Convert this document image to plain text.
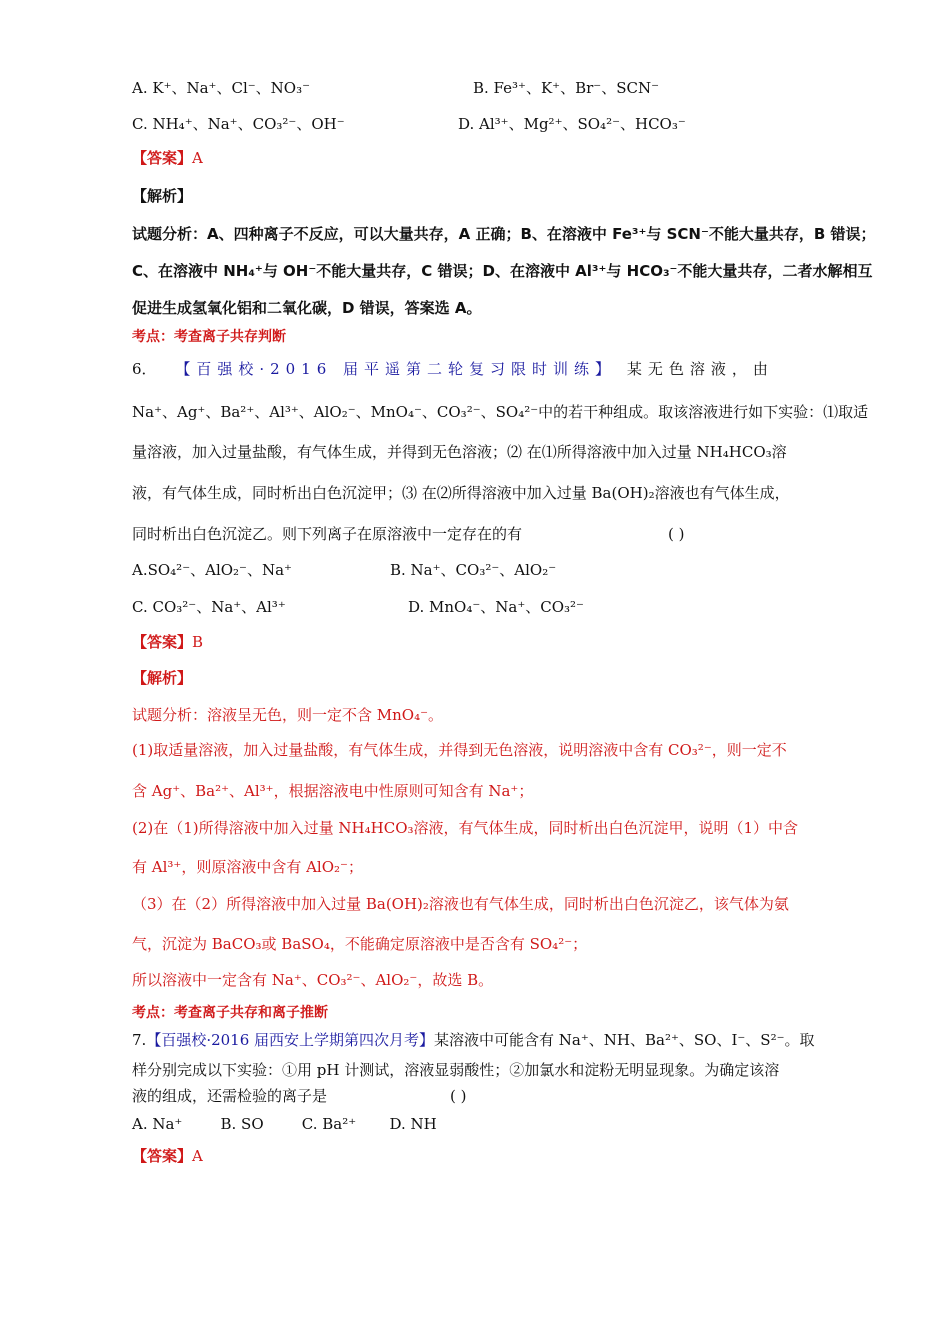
A. K⁺、Na⁺、Cl⁻、NO₃⁻	B. Fe³⁺、K⁺、Br⁻、SCN⁻
C. NH₄⁺、Na⁺、CO₃²⁻、OH⁻	D. Al³⁺、Mg²⁺、SO₄²⁻、HCO₃⁻
【答案】A
【解析】
试题分析：A、四种离子不反应，可以大量共存，A 正确；B、在溶液中 Fe³⁺与 SCN⁻不能大量共存，B 错误；
C、在溶液中 NH₄⁺与 OH⁻不能大量共存，C 错误；D、在溶液中 Al³⁺与 HCO₃⁻不能大量共存，二者水解相互
促进生成氢氧化铝和二氧化碳，D 错误，答案选 A。
考点：考查离子共存判断
6． 【百强校·2016 届平遥第二轮复习限时训练】 某无色溶液，由
Na⁺、Ag⁺、Ba²⁺、Al³⁺、AlO₂⁻、MnO₄⁻、CO₃²⁻、SO₄²⁻中的若干种组成。取该溶液进行如下实验：⑴取适
量溶液，加入过量盐酸，有气体生成，并得到无色溶液；⑵ 在⑴所得溶液中加入过量 NH₄HCO₃溶
液，有气体生成，同时析出白色沉淀甲；⑶ 在⑵所得溶液中加入过量 Ba(OH)₂溶液也有气体生成，
同时析出白色沉淀乙。则下列离子在原溶液中一定存在的有	( )
A.SO₄²⁻、AlO₂⁻、Na⁺	B. Na⁺、CO₃²⁻、AlO₂⁻
C. CO₃²⁻、Na⁺、Al³⁺	D. MnO₄⁻、Na⁺、CO₃²⁻
【答案】B
【解析】
试题分析：溶液呈无色，则一定不含 MnO₄⁻。
(1)取适量溶液，加入过量盐酸，有气体生成，并得到无色溶液，说明溶液中含有 CO₃²⁻，则一定不
含 Ag⁺、Ba²⁺、Al³⁺，根据溶液电中性原则可知含有 Na⁺；
(2)在（1)所得溶液中加入过量 NH₄HCO₃溶液，有气体生成，同时析出白色沉淀甲，说明（1）中含
有 Al³⁺，则原溶液中含有 AlO₂⁻；
（3）在（2）所得溶液中加入过量 Ba(OH)₂溶液也有气体生成，同时析出白色沉淀乙，该气体为氨
气，沉淀为 BaCO₃或 BaSO₄，不能确定原溶液中是否含有 SO₄²⁻；
所以溶液中一定含有 Na⁺、CO₃²⁻、AlO₂⁻，故选 B。
考点：考查离子共存和离子推断
7.【百强校·2016 届西安上学期第四次月考】某溶液中可能含有 Na⁺、NH、Ba²⁺、SO、I⁻、S²⁻。取
样分别完成以下实验：①用 pH 计测试，溶液显弱酸性；②加氯水和淀粉无明显现象。为确定该溶
液的组成，还需检验的离子是	( )
A. Na⁺        B. SO        C. Ba²⁺       D. NH
【答案】A
